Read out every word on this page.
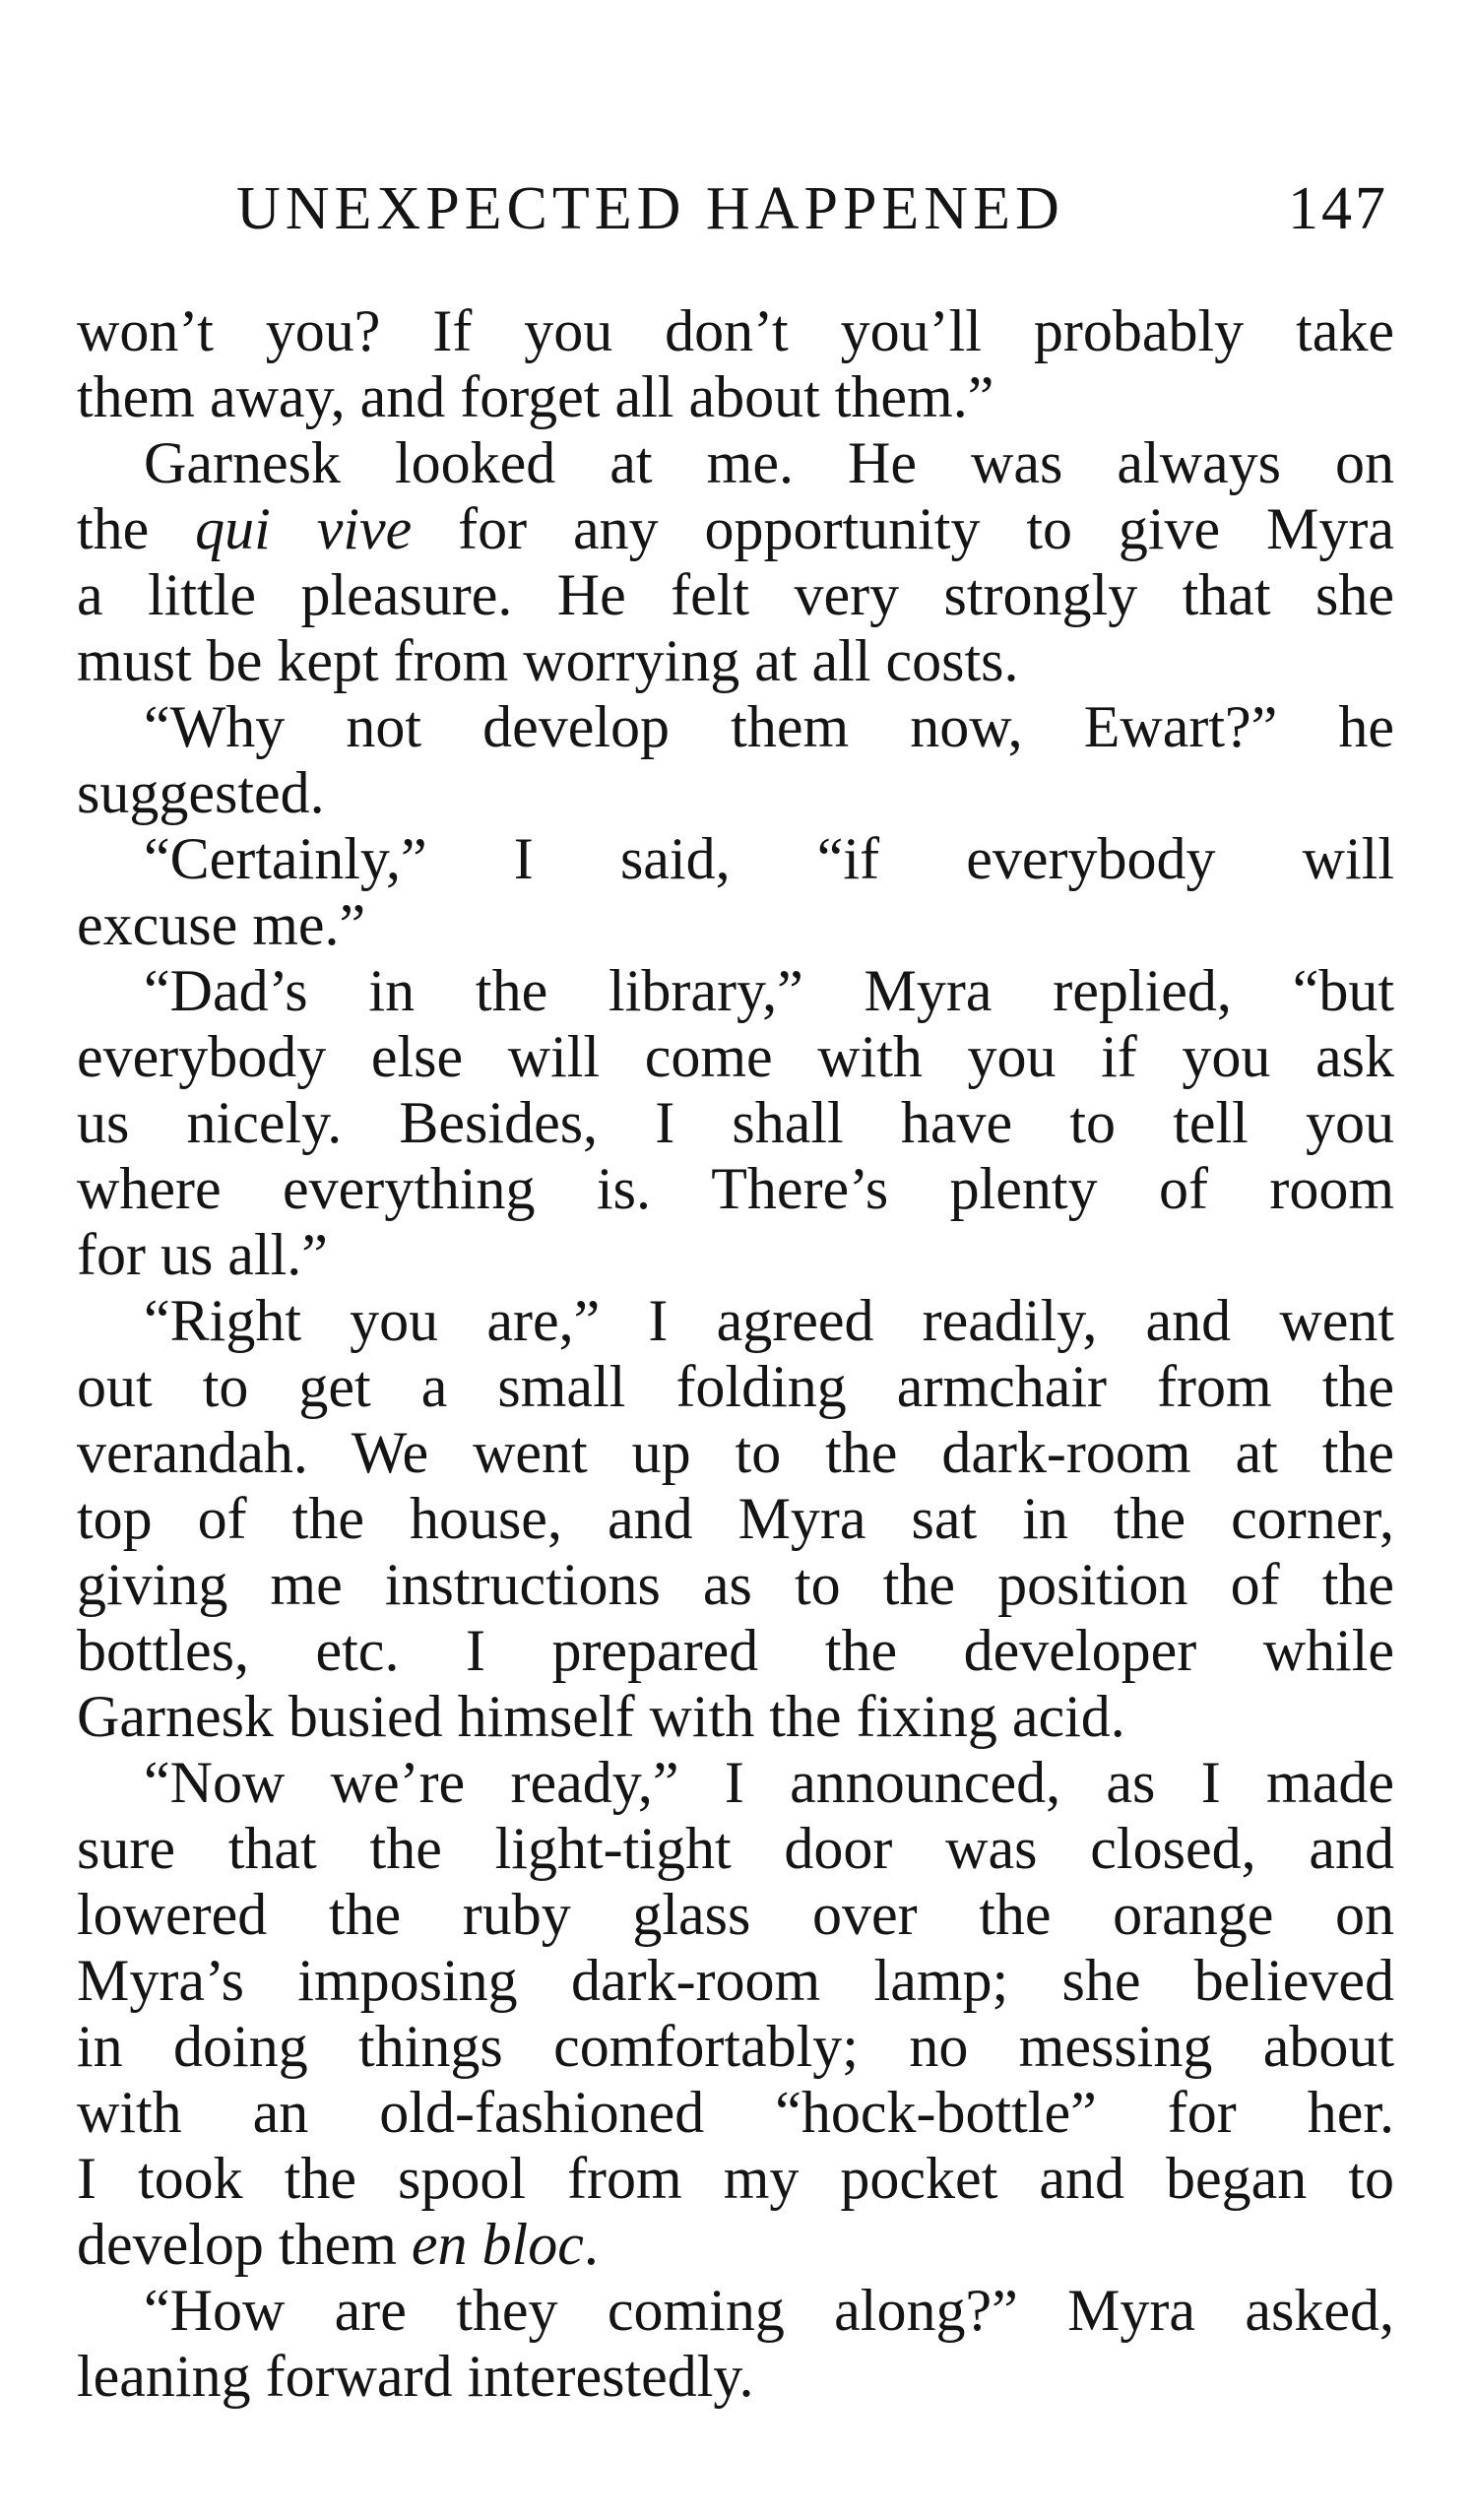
UNEXPECTED HAPPENED	147
won’t you? If you don’t you’ll probably take
them away, and forget all about them.”
Garnesk looked at me. He was always on
the qui vive for any opportunity to give Myra
a little pleasure. He felt very strongly that she
must be kept from worrying at all costs.
“Why not develop them now, Ewart?” he
suggested.
“Certainly,” I said, “if everybody will
excuse me.”
“Dad’s in the library,” Myra replied, “but
everybody else will come with you if you ask
us nicely. Besides, I shall have to tell you
where everything is. There’s plenty of room
for us all.”
“Right you are,” I agreed readily, and went
out to get a small folding armchair from the
verandah. We went up to the dark-room at the
top of the house, and Myra sat in the corner,
giving me instructions as to the position of the
bottles, etc. I prepared the developer while
Garnesk busied himself with the fixing acid.
“Now we’re ready,” I announced, as I made
sure that the light-tight door was closed, and
lowered the ruby glass over the orange on
Myra’s imposing dark-room lamp; she believed
in doing things comfortably; no messing about
with an old-fashioned “hock-bottle” for her.
I took the spool from my pocket and began to
develop them en bloc.
“How are they coming along?” Myra asked,
leaning forward interestedly.
